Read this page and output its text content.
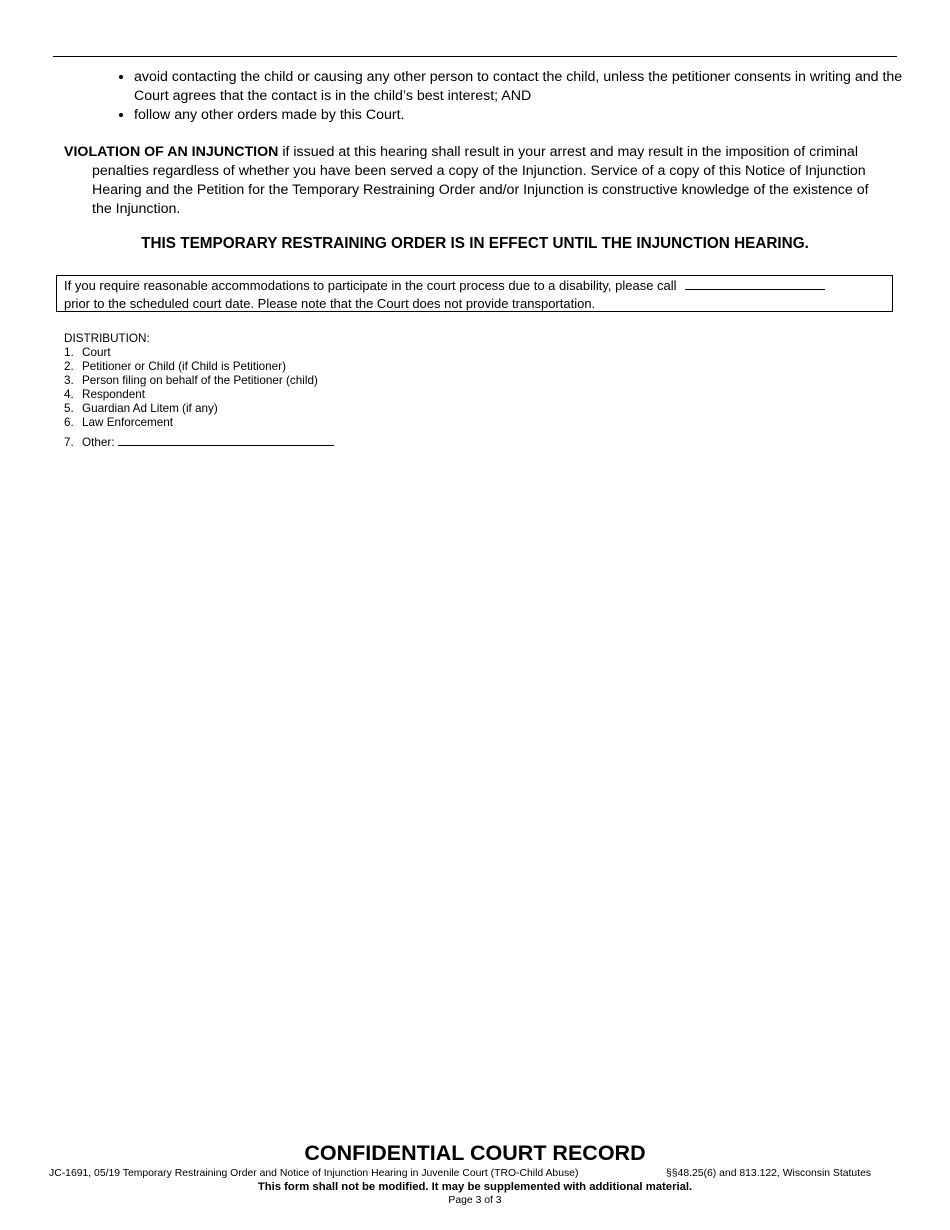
• avoid contacting the child or causing any other person to contact the child, unless the petitioner consents in writing and the Court agrees that the contact is in the child’s best interest; AND
• follow any other orders made by this Court.

VIOLATION OF AN INJUNCTION if issued at this hearing shall result in your arrest and may result in the imposition of criminal penalties regardless of whether you have been served a copy of the Injunction. Service of a copy of this Notice of Injunction Hearing and the Petition for the Temporary Restraining Order and/or Injunction is constructive knowledge of the existence of the Injunction.

THIS TEMPORARY RESTRAINING ORDER IS IN EFFECT UNTIL THE INJUNCTION HEARING.
If you require reasonable accommodations to participate in the court process due to a disability, please call
prior to the scheduled court date. Please note that the Court does not provide transportation.
DISTRIBUTION:
1. Court
2. Petitioner or Child (if Child is Petitioner)
3. Person filing on behalf of the Petitioner (child)
4. Respondent
5. Guardian Ad Litem (if any)
6. Law Enforcement
7. Other:
CONFIDENTIAL COURT RECORD
JC-1691, 05/19 Temporary Restraining Order and Notice of Injunction Hearing in Juvenile Court (TRO-Child Abuse)	§§48.25(6) and 813.122, Wisconsin Statutes
This form shall not be modified. It may be supplemented with additional material.
Page 3 of 3
